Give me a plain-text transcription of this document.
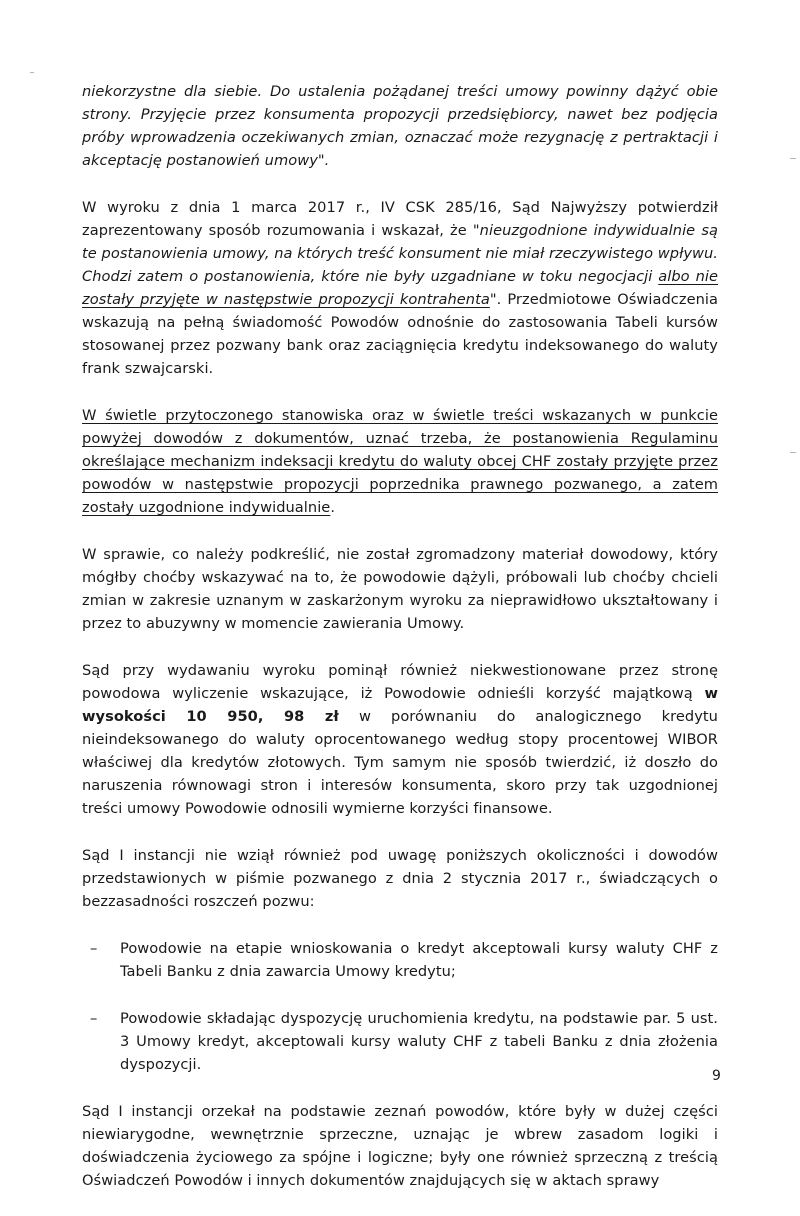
niekorzystne dla siebie. Do ustalenia pożądanej treści umowy powinny dążyć obie strony. Przyjęcie przez konsumenta propozycji przedsiębiorcy, nawet bez podjęcia próby wprowadzenia oczekiwanych zmian, oznaczać może rezygnację z pertraktacji i akceptację postanowień umowy".

W wyroku z dnia 1 marca 2017 r., IV CSK 285/16, Sąd Najwyższy potwierdził zaprezentowany sposób rozumowania i wskazał, że "nieuzgodnione indywidualnie są te postanowienia umowy, na których treść konsument nie miał rzeczywistego wpływu. Chodzi zatem o postanowienia, które nie były uzgadniane w toku negocjacji albo nie zostały przyjęte w następstwie propozycji kontrahenta". Przedmiotowe Oświadczenia wskazują na pełną świadomość Powodów odnośnie do zastosowania Tabeli kursów stosowanej przez pozwany bank oraz zaciągnięcia kredytu indeksowanego do waluty frank szwajcarski.

W świetle przytoczonego stanowiska oraz w świetle treści wskazanych w punkcie powyżej dowodów z dokumentów, uznać trzeba, że postanowienia Regulaminu określające mechanizm indeksacji kredytu do waluty obcej CHF zostały przyjęte przez powodów w następstwie propozycji poprzednika prawnego pozwanego, a zatem zostały uzgodnione indywidualnie.

W sprawie, co należy podkreślić, nie został zgromadzony materiał dowodowy, który mógłby choćby wskazywać na to, że powodowie dążyli, próbowali lub choćby chcieli zmian w zakresie uznanym w zaskarżonym wyroku za nieprawidłowo ukształtowany i przez to abuzywny w momencie zawierania Umowy.

Sąd przy wydawaniu wyroku pominął również niekwestionowane przez stronę powodowa wyliczenie wskazujące, iż Powodowie odnieśli korzyść majątkową w wysokości 10 950, 98 zł w porównaniu do analogicznego kredytu nieindeksowanego do waluty oprocentowanego według stopy procentowej WIBOR właściwej dla kredytów złotowych. Tym samym nie sposób twierdzić, iż doszło do naruszenia równowagi stron i interesów konsumenta, skoro przy tak uzgodnionej treści umowy Powodowie odnosili wymierne korzyści finansowe.

Sąd I instancji nie wziął również pod uwagę poniższych okoliczności i dowodów przedstawionych w piśmie pozwanego z dnia 2 stycznia 2017 r., świadczących o bezzasadności roszczeń pozwu:

– Powodowie na etapie wnioskowania o kredyt akceptowali kursy waluty CHF z Tabeli Banku z dnia zawarcia Umowy kredytu;
– Powodowie składając dyspozycję uruchomienia kredytu, na podstawie par. 5 ust. 3 Umowy kredyt, akceptowali kursy waluty CHF z tabeli Banku z dnia złożenia dyspozycji.

Sąd I instancji orzekał na podstawie zeznań powodów, które były w dużej części niewiarygodne, wewnętrznie sprzeczne, uznając je wbrew zasadom logiki i doświadczenia życiowego za spójne i logiczne; były one również sprzeczną z treścią Oświadczeń Powodów i innych dokumentów znajdujących się w aktach sprawy

9
